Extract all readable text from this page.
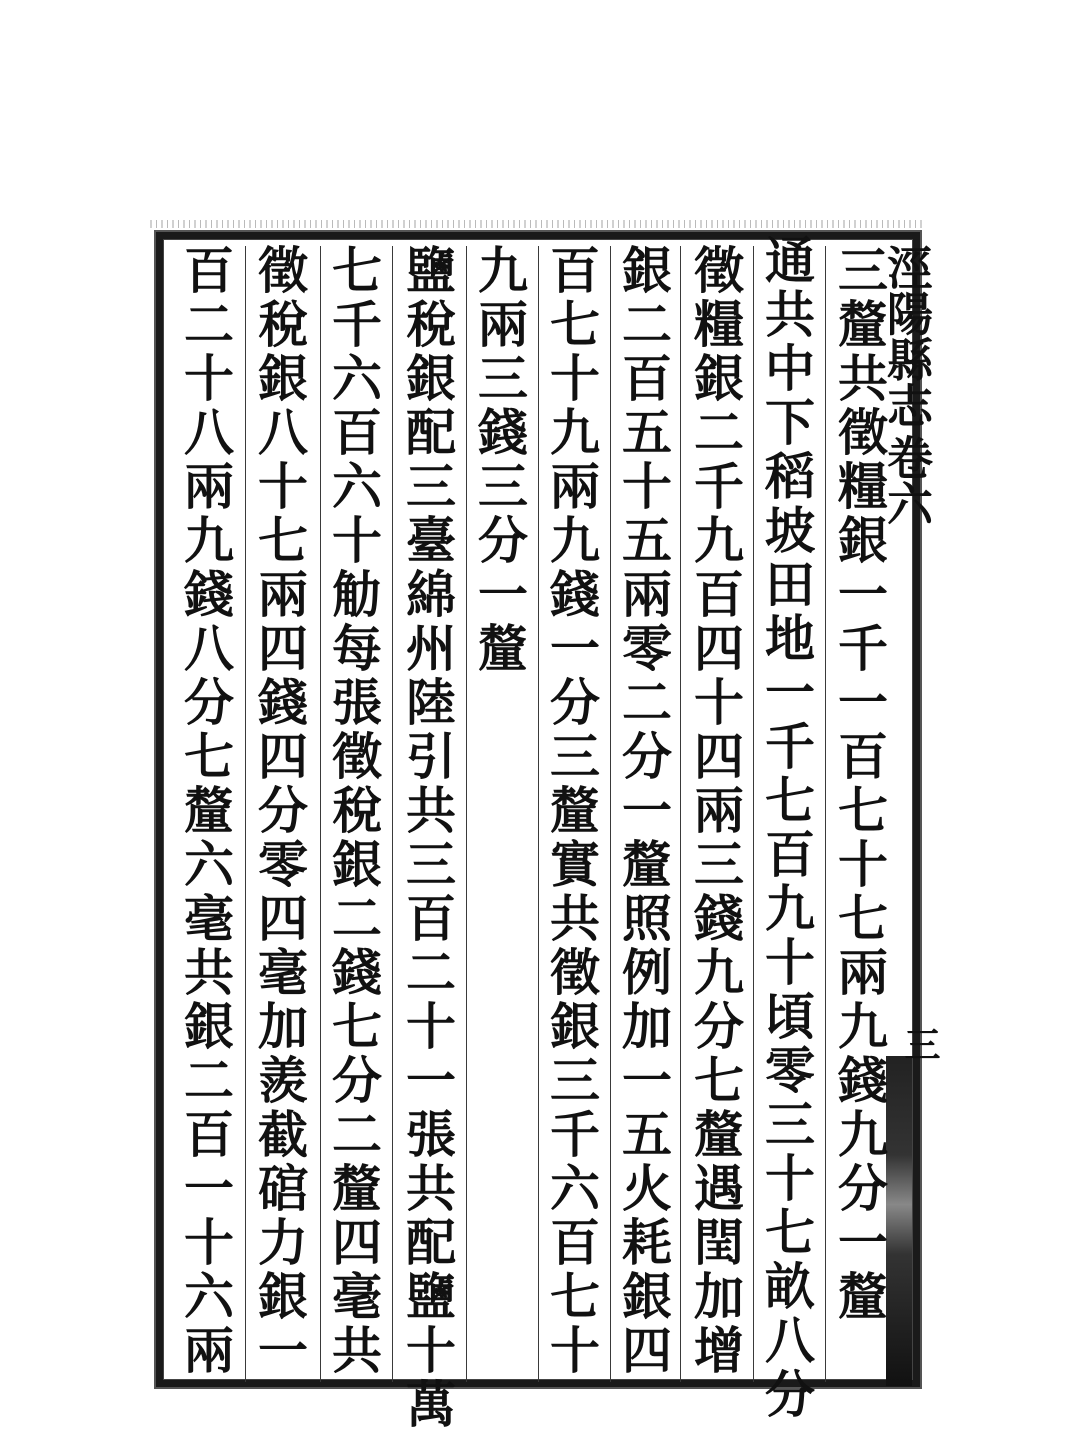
涇陽縣志
卷六
三
三
釐
共
徵
糧
銀
一
千
一
百
七
十
七
兩
九
錢
九
分
一
釐
通
共
中
下
稻
坡
田
地
一
千
七
百
九
十
頃
零
三
十
七
畝
八
分
徵
糧
銀
二
千
九
百
四
十
四
兩
三
錢
九
分
七
釐
遇
閏
加
增
銀
二
百
五
十
五
兩
零
二
分
一
釐
照
例
加
一
五
火
耗
銀
四
百
七
十
九
兩
九
錢
一
分
三
釐
實
共
徵
銀
三
千
六
百
七
十
九
兩
三
錢
三
分
一
釐
鹽
稅
銀
配
三
臺
綿
州
陸
引
共
三
百
二
十
一
張
共
配
鹽
十
萬
七
千
六
百
六
十
觔
每
張
徵
稅
銀
二
錢
七
分
二
釐
四
毫
共
徵
稅
銀
八
十
七
兩
四
錢
四
分
零
四
毫
加
羨
截
䃔
力
銀
一
百
二
十
八
兩
九
錢
八
分
七
釐
六
毫
共
銀
二
百
一
十
六
兩
